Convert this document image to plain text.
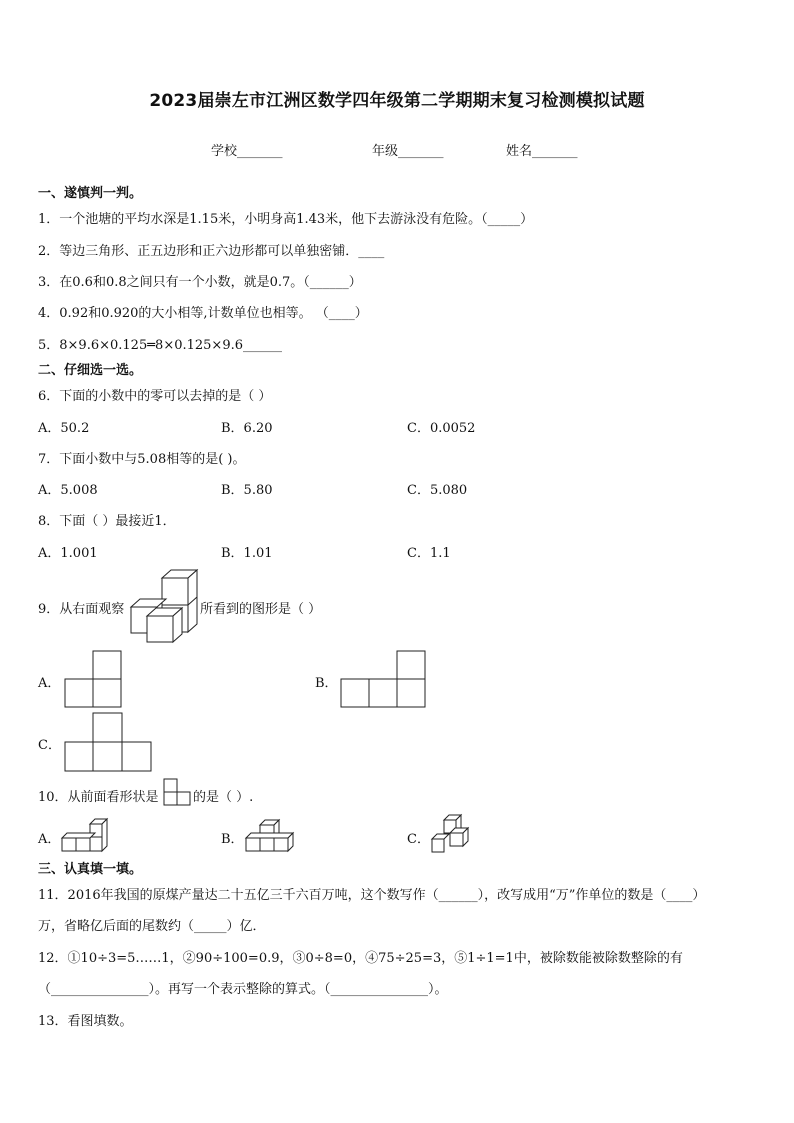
2023届崇左市江洲区数学四年级第二学期期末复习检测模拟试题
学校_______	年级_______	姓名_______
一、遂慎判一判。
1．一个池塘的平均水深是1.15米，小明身高1.43米，他下去游泳没有危险。（_____）
2．等边三角形、正五边形和正六边形都可以单独密铺．____
3．在0.6和0.8之间只有一个小数，就是0.7。（______）
4．0.92和0.920的大小相等,计数单位也相等。 （____）
5．8×9.6×0.125═8×0.125×9.6______
二、仔细选一选。
6．下面的小数中的零可以去掉的是（ ）
A．50.2	B．6.20	C．0.0052
7．下面小数中与5.08相等的是( )。
A．5.008	B．5.80	C．5.080
8．下面（ ）最接近1．
A．1.001	B．1.01	C．1.1
9．从右面观察	所看到的图形是（ ）
A．	B．
C．
10．从前面看形状是	的是（ ）.
A．	B．	C．
三、认真填一填。
11．2016年我国的原煤产量达二十五亿三千六百万吨，这个数写作（______），改写成用“万”作单位的数是（____）
万，省略亿后面的尾数约（_____）亿．
12．①10÷3=5……1，②90÷100=0.9，③0÷8=0，④75÷25=3，⑤1÷1=1中，被除数能被除数整除的有
（_______________）。再写一个表示整除的算式。（_______________）。
13．看图填数。
